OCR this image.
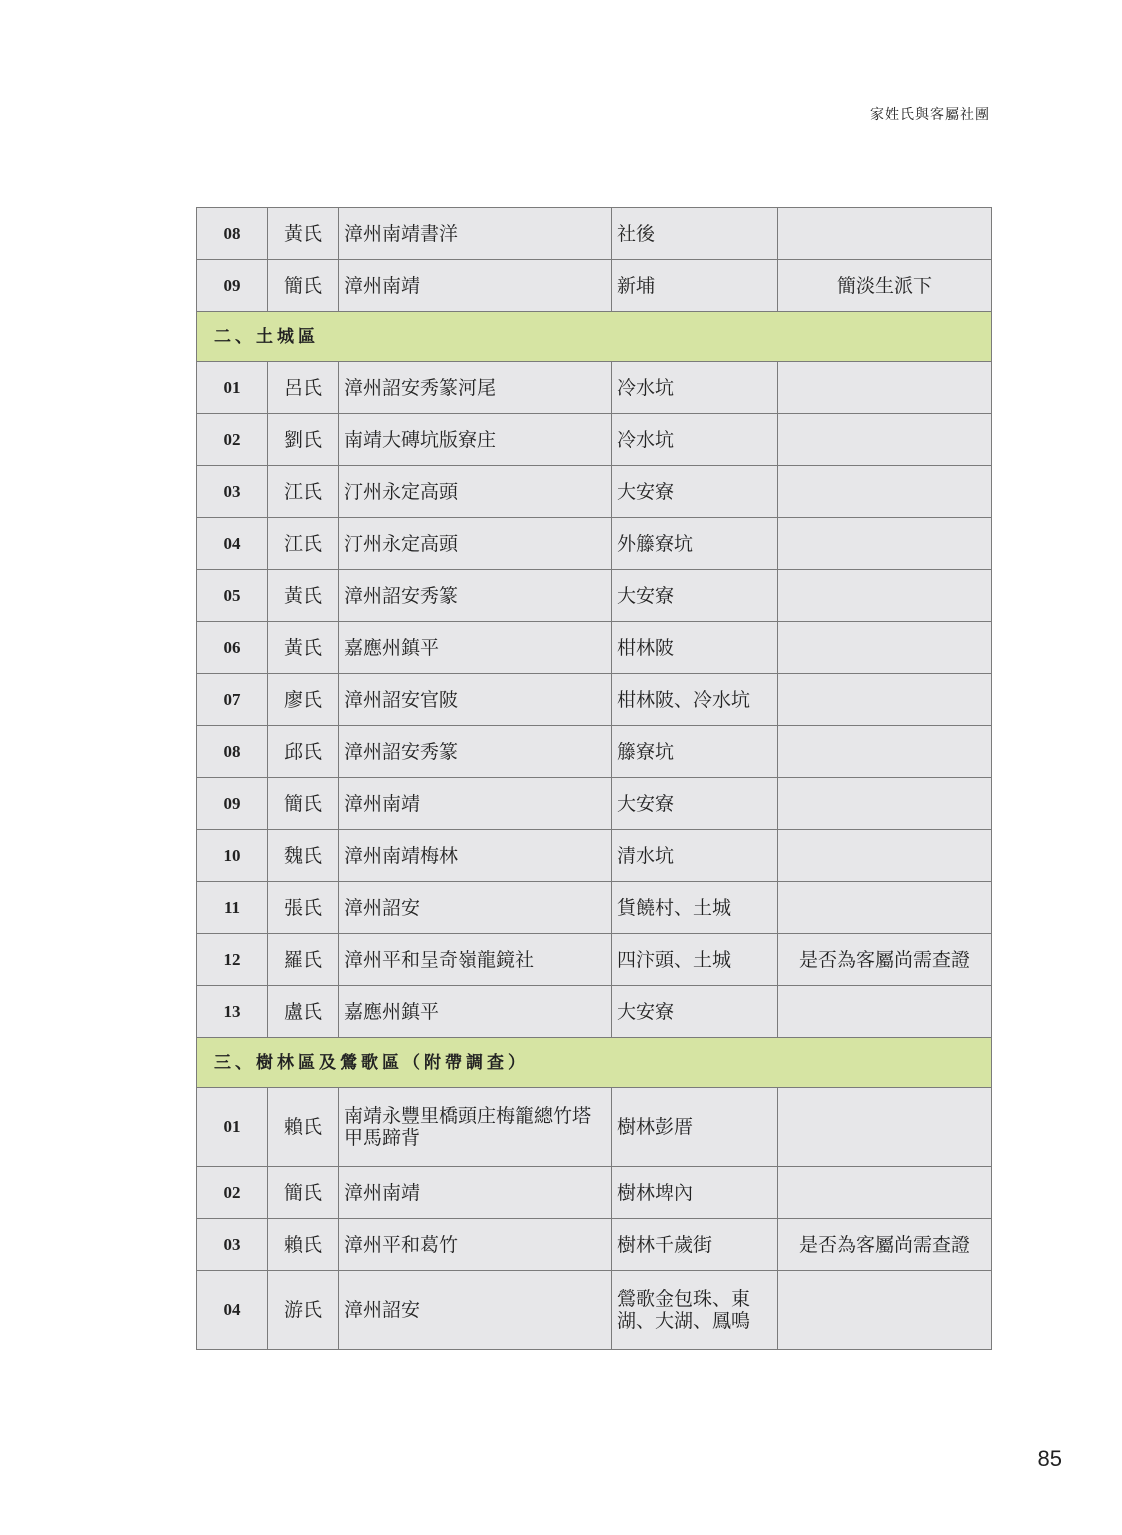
家姓氏與客屬社團
08	黃氏	漳州南靖書洋	社後	
09	簡氏	漳州南靖	新埔	簡淡生派下
二、土城區				
01	呂氏	漳州詔安秀篆河尾	冷水坑	
02	劉氏	南靖大磚坑版寮庄	冷水坑	
03	江氏	汀州永定高頭	大安寮	
04	江氏	汀州永定高頭	外籐寮坑	
05	黃氏	漳州詔安秀篆	大安寮	
06	黃氏	嘉應州鎮平	柑林陂	
07	廖氏	漳州詔安官陂	柑林陂、冷水坑	
08	邱氏	漳州詔安秀篆	籐寮坑	
09	簡氏	漳州南靖	大安寮	
10	魏氏	漳州南靖梅林	清水坑	
11	張氏	漳州詔安	貨饒村、土城	
12	羅氏	漳州平和呈奇嶺龍鏡社	四汴頭、土城	是否為客屬尚需查證
13	盧氏	嘉應州鎮平	大安寮	
三、樹林區及鶯歌區（附帶調查）				
01	賴氏	南靖永豐里橋頭庄梅籠總竹塔甲馬蹄背	樹林彭厝	
02	簡氏	漳州南靖	樹林埤內	
03	賴氏	漳州平和葛竹	樹林千歲街	是否為客屬尚需查證
04	游氏	漳州詔安	鶯歌金包珠、東湖、大湖、鳳鳴	
85
